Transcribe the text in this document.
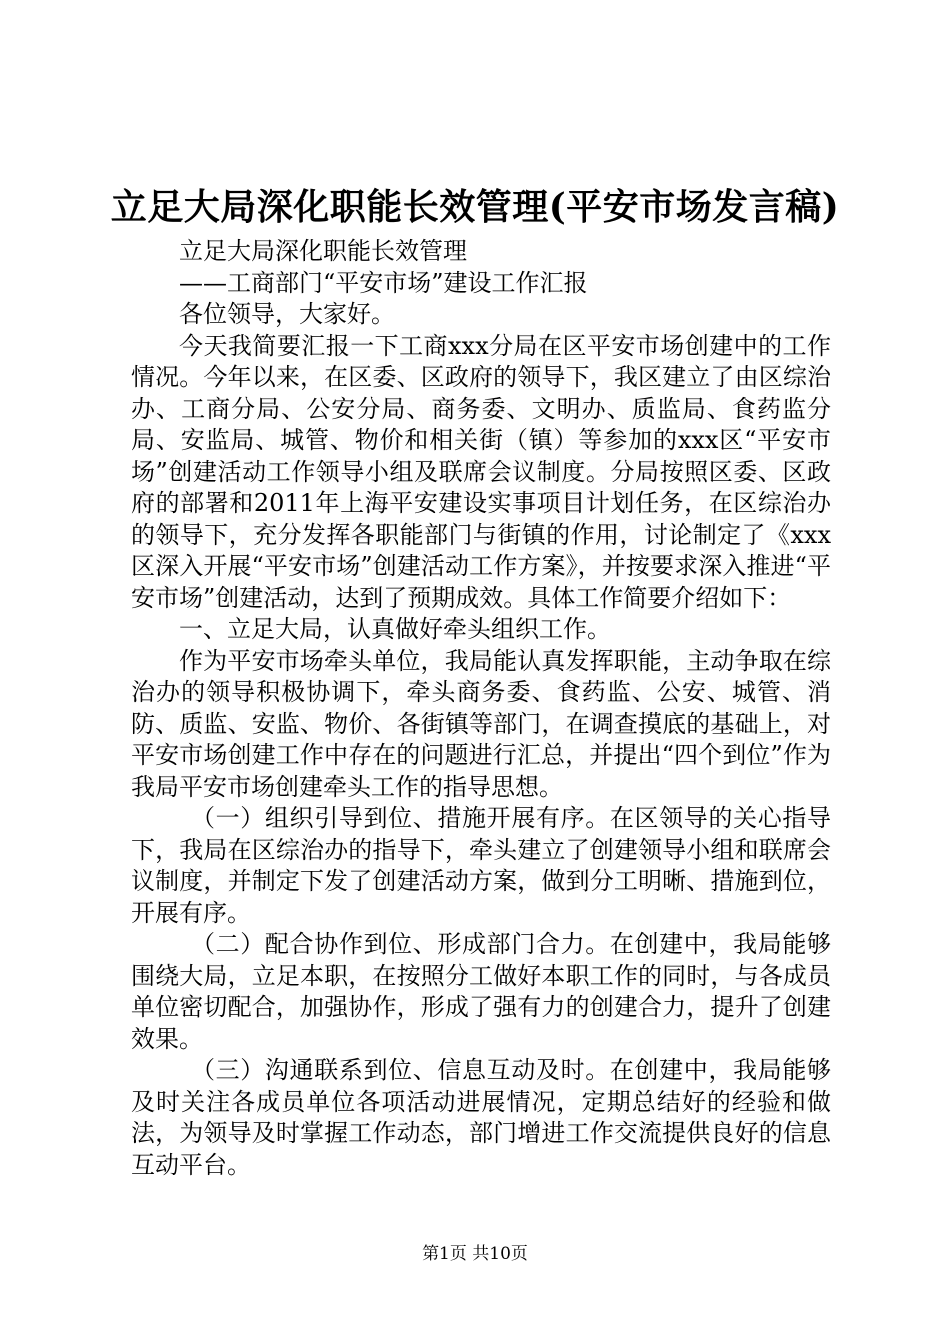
立足大局深化职能长效管理(平安市场发言稿)

立足大局深化职能长效管理

——工商部门“平安市场”建设工作汇报

各位领导，大家好。

今天我简要汇报一下工商xxx分局在区平安市场创建中的工作情况。今年以来，在区委、区政府的领导下，我区建立了由区综治办、工商分局、公安分局、商务委、文明办、质监局、食药监分局、安监局、城管、物价和相关街（镇）等参加的xxx区“平安市场”创建活动工作领导小组及联席会议制度。分局按照区委、区政府的部署和2011年上海平安建设实事项目计划任务，在区综治办的领导下，充分发挥各职能部门与街镇的作用，讨论制定了《xxx区深入开展“平安市场”创建活动工作方案》，并按要求深入推进“平安市场”创建活动，达到了预期成效。具体工作简要介绍如下：

一、立足大局，认真做好牵头组织工作。

作为平安市场牵头单位，我局能认真发挥职能，主动争取在综治办的领导积极协调下，牵头商务委、食药监、公安、城管、消防、质监、安监、物价、各街镇等部门，在调查摸底的基础上，对平安市场创建工作中存在的问题进行汇总，并提出“四个到位”作为我局平安市场创建牵头工作的指导思想。

（一）组织引导到位、措施开展有序。在区领导的关心指导下，我局在区综治办的指导下，牵头建立了创建领导小组和联席会议制度，并制定下发了创建活动方案，做到分工明晰、措施到位，开展有序。

（二）配合协作到位、形成部门合力。在创建中，我局能够围绕大局，立足本职，在按照分工做好本职工作的同时，与各成员单位密切配合，加强协作，形成了强有力的创建合力，提升了创建效果。

（三）沟通联系到位、信息互动及时。在创建中，我局能够及时关注各成员单位各项活动进展情况，定期总结好的经验和做法，为领导及时掌握工作动态，部门增进工作交流提供良好的信息互动平台。

第1页 共10页
